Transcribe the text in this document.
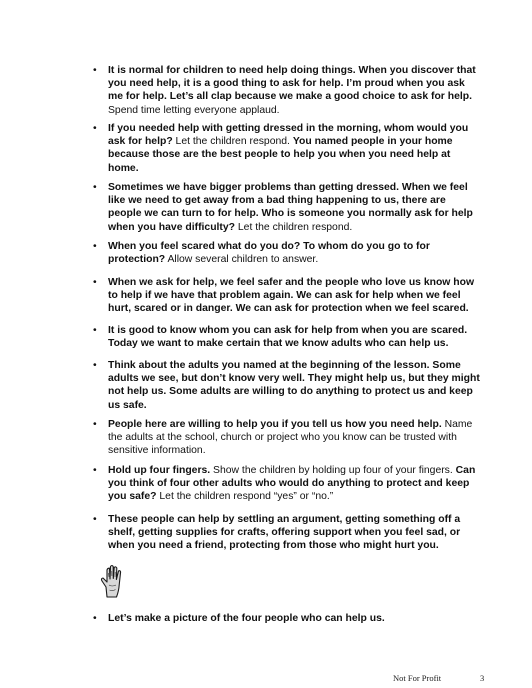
• It is normal for children to need help doing things. When you discover that you need help, it is a good thing to ask for help. I’m proud when you ask me for help. Let’s all clap because we make a good choice to ask for help. Spend time letting everyone applaud.
• If you needed help with getting dressed in the morning, whom would you ask for help? Let the children respond. You named people in your home because those are the best people to help you when you need help at home.
• Sometimes we have bigger problems than getting dressed. When we feel like we need to get away from a bad thing happening to us, there are people we can turn to for help. Who is someone you normally ask for help when you have difficulty? Let the children respond.
• When you feel scared what do you do? To whom do you go to for protection? Allow several children to answer.
• When we ask for help, we feel safer and the people who love us know how to help if we have that problem again. We can ask for help when we feel hurt, scared or in danger. We can ask for protection when we feel scared.
• It is good to know whom you can ask for help from when you are scared. Today we want to make certain that we know adults who can help us.
• Think about the adults you named at the beginning of the lesson. Some adults we see, but don’t know very well. They might help us, but they might not help us. Some adults are willing to do anything to protect us and keep us safe.
• People here are willing to help you if you tell us how you need help. Name the adults at the school, church or project who you know can be trusted with sensitive information.
• Hold up four fingers. Show the children by holding up four of your fingers. Can you think of four other adults who would do anything to protect and keep you safe? Let the children respond “yes” or “no.”
• These people can help by settling an argument, getting something off a shelf, getting supplies for crafts, offering support when you feel sad, or when you need a friend, protecting from those who might hurt you.
• Let’s make a picture of the four people who can help us.
Not For Profit	3
